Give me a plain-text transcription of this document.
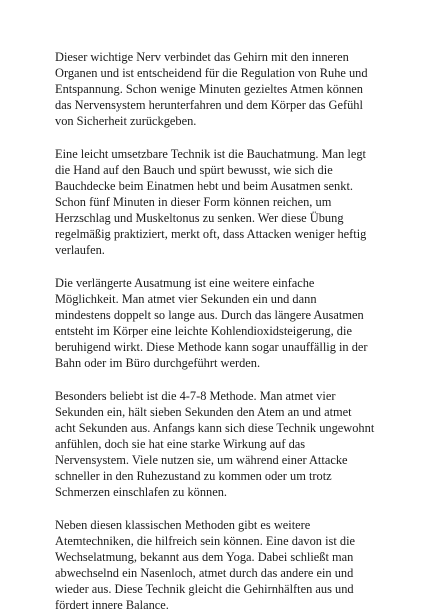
Dieser wichtige Nerv verbindet das Gehirn mit den inneren Organen und ist entscheidend für die Regulation von Ruhe und Entspannung. Schon wenige Minuten gezieltes Atmen können das Nervensystem herunterfahren und dem Körper das Gefühl von Sicherheit zurückgeben.

Eine leicht umsetzbare Technik ist die Bauchatmung. Man legt die Hand auf den Bauch und spürt bewusst, wie sich die Bauchdecke beim Einatmen hebt und beim Ausatmen senkt. Schon fünf Minuten in dieser Form können reichen, um Herzschlag und Muskeltonus zu senken. Wer diese Übung regelmäßig praktiziert, merkt oft, dass Attacken weniger heftig verlaufen.

Die verlängerte Ausatmung ist eine weitere einfache Möglichkeit. Man atmet vier Sekunden ein und dann mindestens doppelt so lange aus. Durch das längere Ausatmen entsteht im Körper eine leichte Kohlendioxidsteigerung, die beruhigend wirkt. Diese Methode kann sogar unauffällig in der Bahn oder im Büro durchgeführt werden.

Besonders beliebt ist die 4-7-8 Methode. Man atmet vier Sekunden ein, hält sieben Sekunden den Atem an und atmet acht Sekunden aus. Anfangs kann sich diese Technik ungewohnt anfühlen, doch sie hat eine starke Wirkung auf das Nervensystem. Viele nutzen sie, um während einer Attacke schneller in den Ruhezustand zu kommen oder um trotz Schmerzen einschlafen zu können.

Neben diesen klassischen Methoden gibt es weitere Atemtechniken, die hilfreich sein können. Eine davon ist die Wechselatmung, bekannt aus dem Yoga. Dabei schließt man abwechselnd ein Nasenloch, atmet durch das andere ein und wieder aus. Diese Technik gleicht die Gehirnhälften aus und fördert innere Balance.
